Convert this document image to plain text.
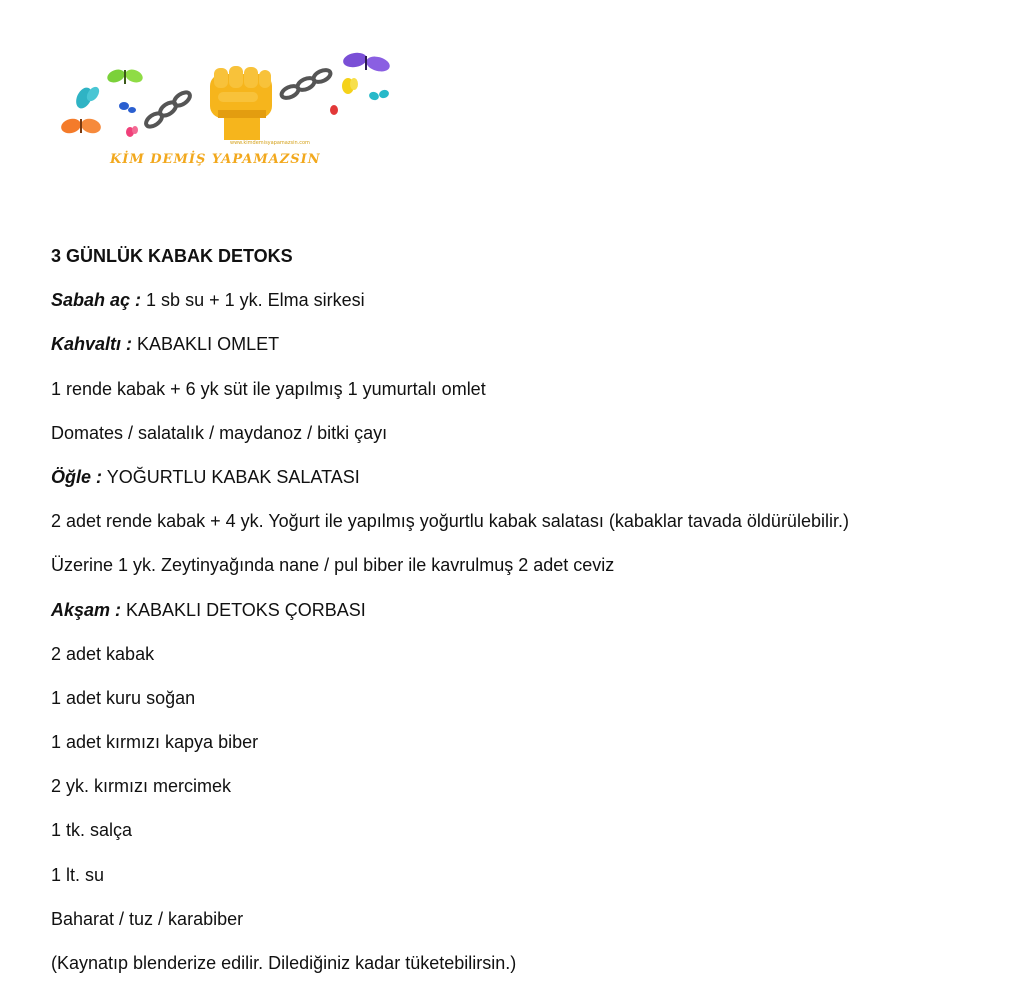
www.kimdemisyapamazsin.com
KİM DEMİŞ YAPAMAZSIN
3 GÜNLÜK KABAK DETOKS
Sabah aç : 1 sb su + 1 yk. Elma sirkesi
Kahvaltı : KABAKLI OMLET
1 rende kabak + 6 yk süt ile yapılmış 1 yumurtalı omlet
Domates / salatalık / maydanoz / bitki çayı
Öğle : YOĞURTLU KABAK SALATASI
2 adet rende kabak + 4 yk. Yoğurt ile yapılmış yoğurtlu kabak salatası (kabaklar tavada öldürülebilir.)
Üzerine 1 yk. Zeytinyağında nane / pul biber ile kavrulmuş 2 adet ceviz
Akşam : KABAKLI DETOKS ÇORBASI
2 adet kabak
1 adet kuru soğan
1 adet kırmızı kapya biber
2 yk. kırmızı mercimek
1 tk. salça
1 lt. su
Baharat / tuz / karabiber
(Kaynatıp blenderize edilir. Dilediğiniz kadar tüketebilirsin.)
